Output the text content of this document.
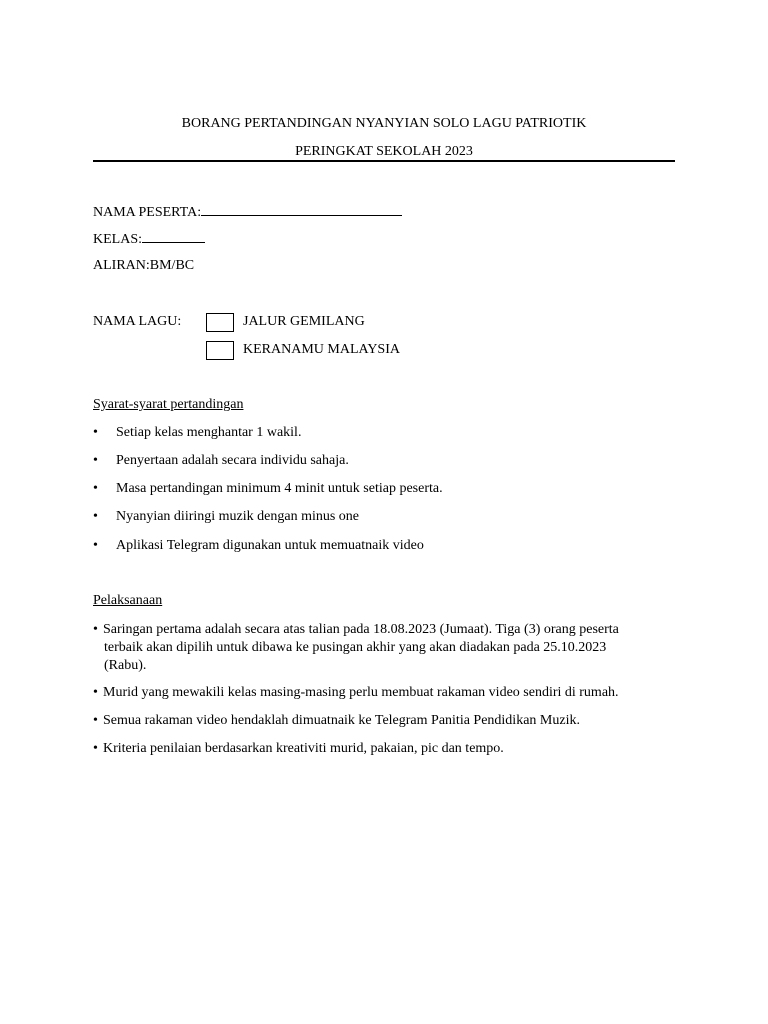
BORANG PERTANDINGAN NYANYIAN SOLO LAGU PATRIOTIK
PERINGKAT SEKOLAH 2023
NAMA PESERTA:
KELAS:
ALIRAN:BM/BC
NAMA LAGU:	JALUR GEMILANG
KERANAMU MALAYSIA
Syarat-syarat pertandingan
•	Setiap kelas menghantar 1 wakil.
•	Penyertaan adalah secara individu sahaja.
•	Masa pertandingan minimum 4 minit untuk setiap peserta.
•	Nyanyian diiringi muzik dengan minus one
•	Aplikasi Telegram digunakan untuk memuatnaik video
Pelaksanaan
• Saringan pertama adalah secara atas talian pada 18.08.2023 (Jumaat). Tiga (3) orang peserta
terbaik akan dipilih untuk dibawa ke pusingan akhir yang akan diadakan pada 25.10.2023
(Rabu).
• Murid yang mewakili kelas masing-masing perlu membuat rakaman video sendiri di rumah.
• Semua rakaman video hendaklah dimuatnaik ke Telegram Panitia Pendidikan Muzik.
• Kriteria penilaian berdasarkan kreativiti murid, pakaian, pic dan tempo.
